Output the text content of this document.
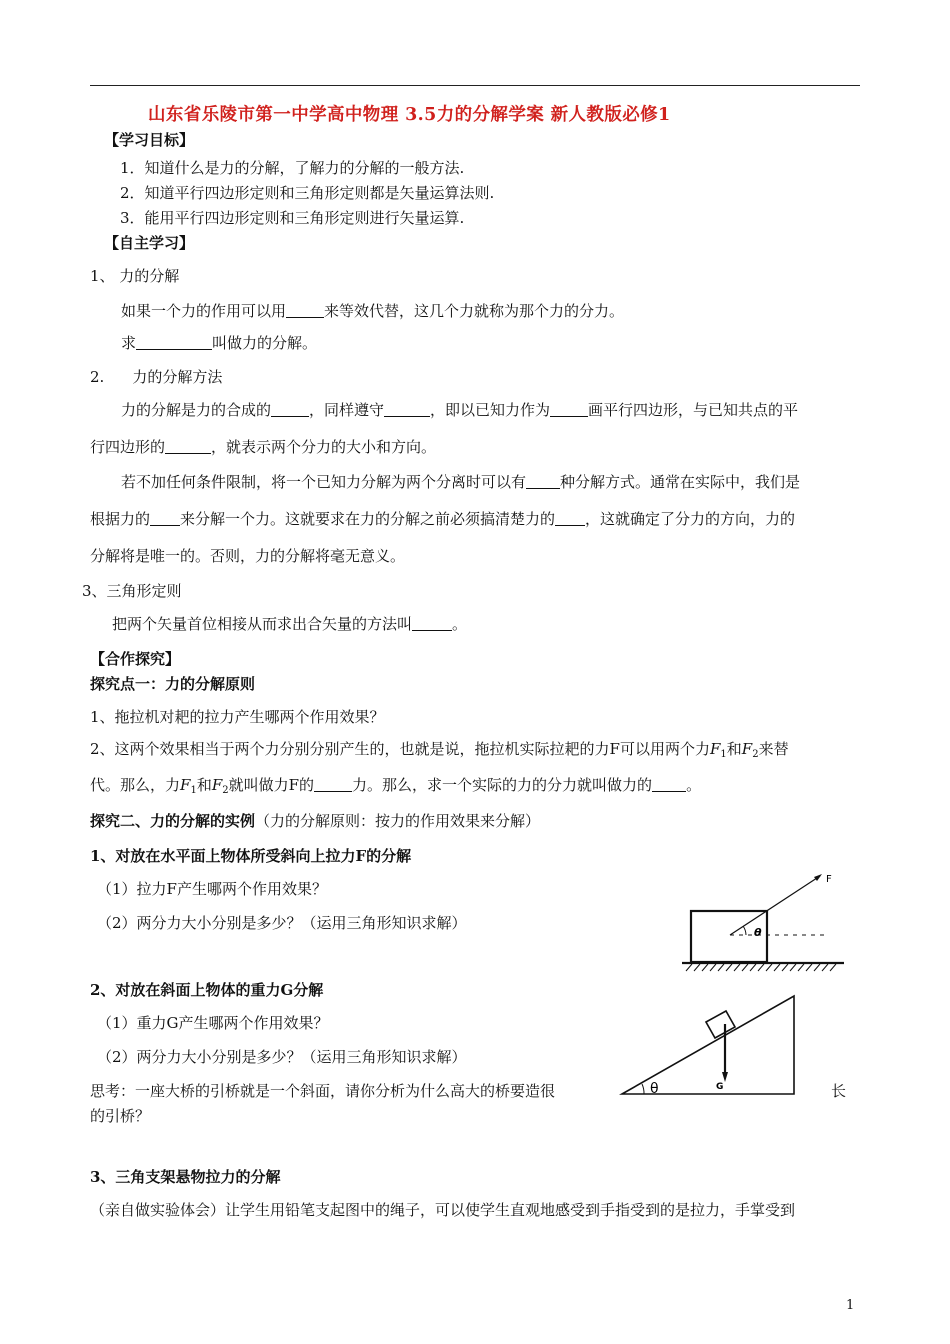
山东省乐陵市第一中学高中物理 3.5力的分解学案 新人教版必修1
【学习目标】
1．知道什么是力的分解，了解力的分解的一般方法.
2．知道平行四边形定则和三角形定则都是矢量运算法则.
3．能用平行四边形定则和三角形定则进行矢量运算.
【自主学习】
1、 力的分解
如果一个力的作用可以用	来等效代替，这几个力就称为那个力的分力。
求	叫做力的分解。
2. 力的分解方法
力的分解是力的合成的	，同样遵守	，即以已知力作为	画平行四边形，与已知共点的平
行四边形的	，就表示两个分力的大小和方向。
若不加任何条件限制，将一个已知力分解为两个分离时可以有 种分解方式。通常在实际中，我们是
根据力的 来分解一个力。这就要求在力的分解之前必须搞清楚力的 ，这就确定了分力的方向，力的
分解将是唯一的。否则，力的分解将毫无意义。
3、三角形定则
把两个矢量首位相接从而求出合矢量的方法叫	。
【合作探究】
探究点一：力的分解原则
1、拖拉机对耙的拉力产生哪两个作用效果？
2、这两个效果相当于两个力分别分别产生的，也就是说，拖拉机实际拉耙的力F可以用两个力$F_1$和$F_2$来替
代。那么，力$F_1$和$F_2$就叫做力F的	力。那么，求一个实际的力的分力就叫做力的 。
探究二、力的分解的实例（力的分解原则：按力的作用效果来分解）
1、对放在水平面上物体所受斜向上拉力F的分解
（1）拉力F产生哪两个作用效果？
（2）两分力大小分别是多少？（运用三角形知识求解）
θ
F
2、对放在斜面上物体的重力G分解
（1）重力G产生哪两个作用效果？
（2）两分力大小分别是多少？（运用三角形知识求解）
θ	G
思考：一座大桥的引桥就是一个斜面，请你分析为什么高大的桥要造很	长
的引桥？
3、三角支架悬物拉力的分解
（亲自做实验体会）让学生用铅笔支起图中的绳子，可以使学生直观地感受到手指受到的是拉力，手掌受到
1
